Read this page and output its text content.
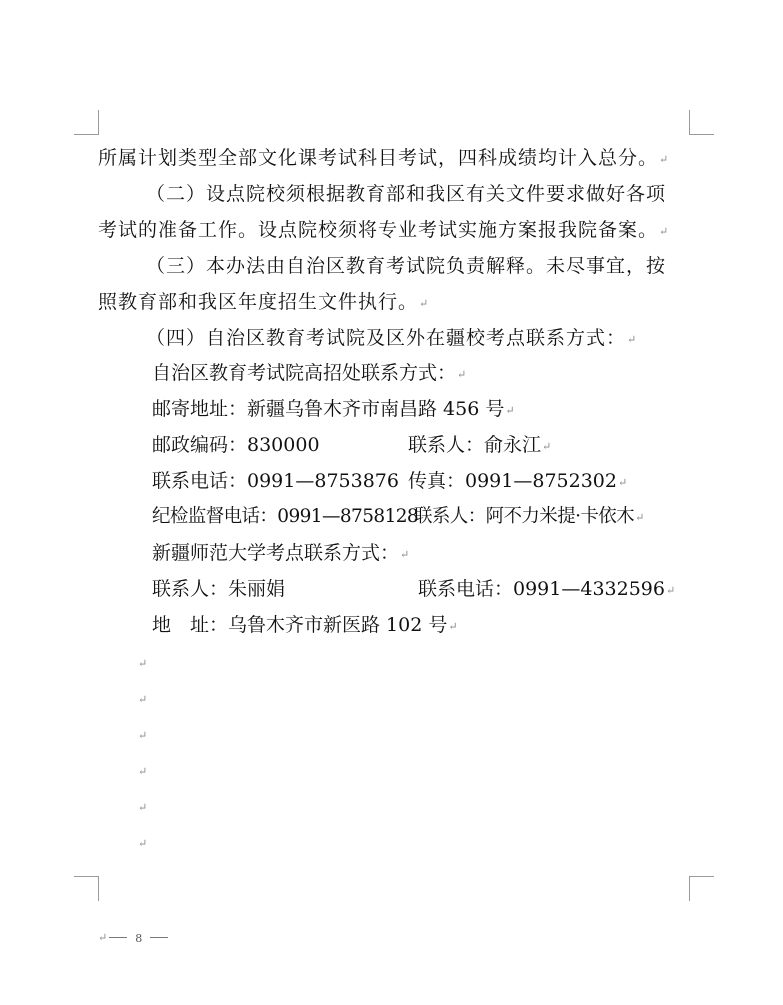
所属计划类型全部文化课考试科目考试，四科成绩均计入总分。↵
（二）设点院校须根据教育部和我区有关文件要求做好各项
考试的准备工作。设点院校须将专业考试实施方案报我院备案。↵
（三）本办法由自治区教育考试院负责解释。未尽事宜，按
照教育部和我区年度招生文件执行。↵
（四）自治区教育考试院及区外在疆校考点联系方式：↵
自治区教育考试院高招处联系方式：↵
邮寄地址：新疆乌鲁木齐市南昌路 456 号↵
邮政编码：830000	联系人：俞永江↵
联系电话：0991—8753876 传真：0991—8752302↵
纪检监督电话：0991—8758128联系人：阿不力米提·卡依木↵
新疆师范大学考点联系方式：↵
联系人：朱丽娟	联系电话：0991—4332596↵
地　址：乌鲁木齐市新医路 102 号↵
↵
↵
↵
↵
↵
↵
↵	8
